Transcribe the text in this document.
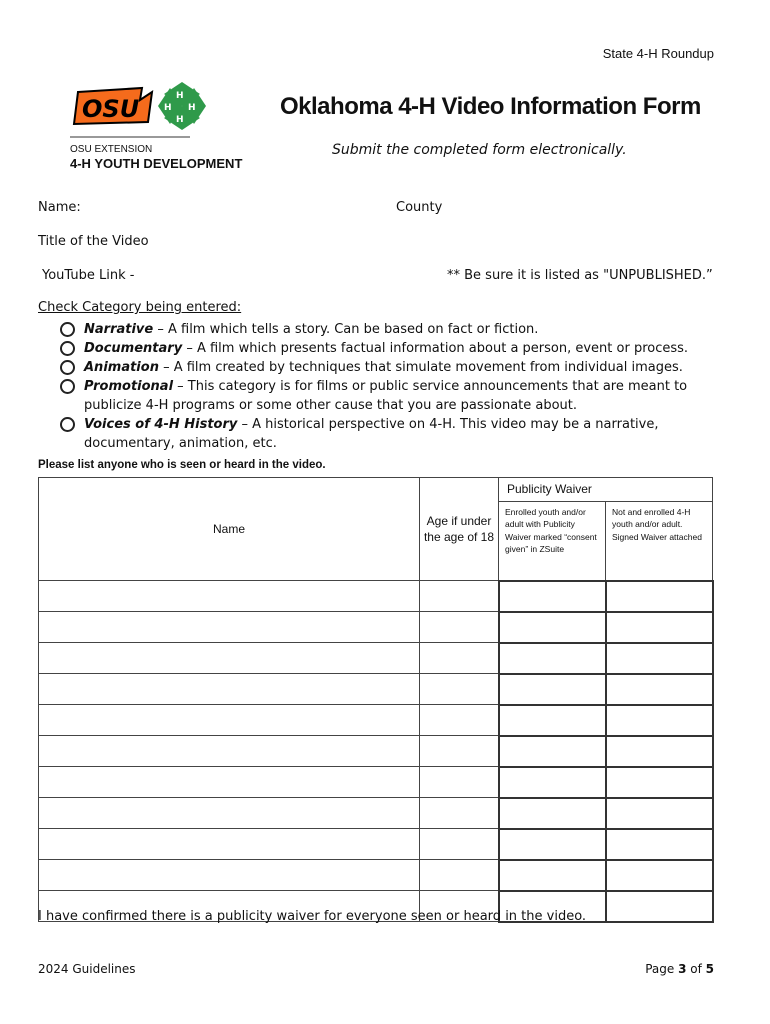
State 4-H Roundup
OSU	H
H
H H
OSU EXTENSION
4-H YOUTH DEVELOPMENT
Oklahoma 4-H Video Information Form
Submit the completed form electronically.
Name:	County
Title of the Video
YouTube Link -	** Be sure it is listed as "UNPUBLISHED.”
Check Category being entered:
Narrative – A film which tells a story. Can be based on fact or fiction.
Documentary – A film which presents factual information about a person, event or process.
Animation – A film created by techniques that simulate movement from individual images.
Promotional – This category is for films or public service announcements that are meant to publicize 4-H programs or some other cause that you are passionate about.
Voices of 4-H History – A historical perspective on 4-H. This video may be a narrative, documentary, animation, etc.
Please list anyone who is seen or heard in the video.
Name	Age if under the age of 18	Publicity Waiver	
		Enrolled youth and/or adult with Publicity Waiver marked “consent given” in ZSuite	Not and enrolled 4-H youth and/or adult. Signed Waiver attached

I have confirmed there is a publicity waiver for everyone seen or heard in the video.
2024 Guidelines	Page 3 of 5
